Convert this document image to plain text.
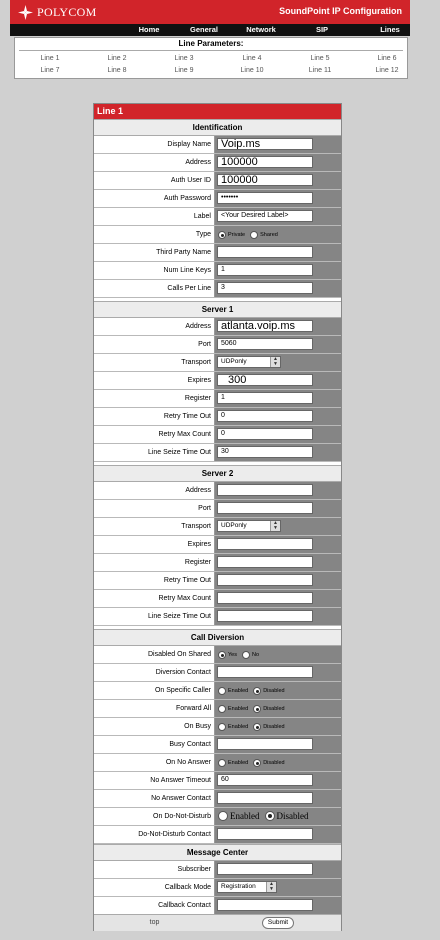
POLYCOM	SoundPoint IP Configuration
Home	General	Network	SIP	Lines
Line Parameters:
Line 1	Line 2	Line 3	Line 4	Line 5	Line 6
Line 7	Line 8	Line 9	Line 10	Line 11	Line 12
Line 1
Identification
Display Name Voip.ms
Address 100000
Auth User ID 100000
Auth Password	•••••••
Label	<Your Desired Label>
Type	Private	Shared
Third Party Name
Num Line Keys	1
Calls Per Line	3
Server 1
Address atlanta.voip.ms
Port	5060
Transport	UDPonly	▲
▼
Expires	300
Register	1
Retry Time Out	0
Retry Max Count	0
Line Seize Time Out	30
Server 2
Address
Port
Transport	UDPonly	▲
▼
Expires
Register
Retry Time Out
Retry Max Count
Line Seize Time Out
Call Diversion
Disabled On Shared	Yes	No
Diversion Contact
On Specific Caller	Enabled	Disabled
Forward All	Enabled	Disabled
On Busy	Enabled	Disabled
Busy Contact
On No Answer	Enabled	Disabled
No Answer Timeout	60
No Answer Contact
On Do-Not-Disturb	Enabled Disabled
Do-Not-Disturb Contact
Message Center
Subscriber
Callback Mode	Registration	▲
▼
Callback Contact
top	Submit
